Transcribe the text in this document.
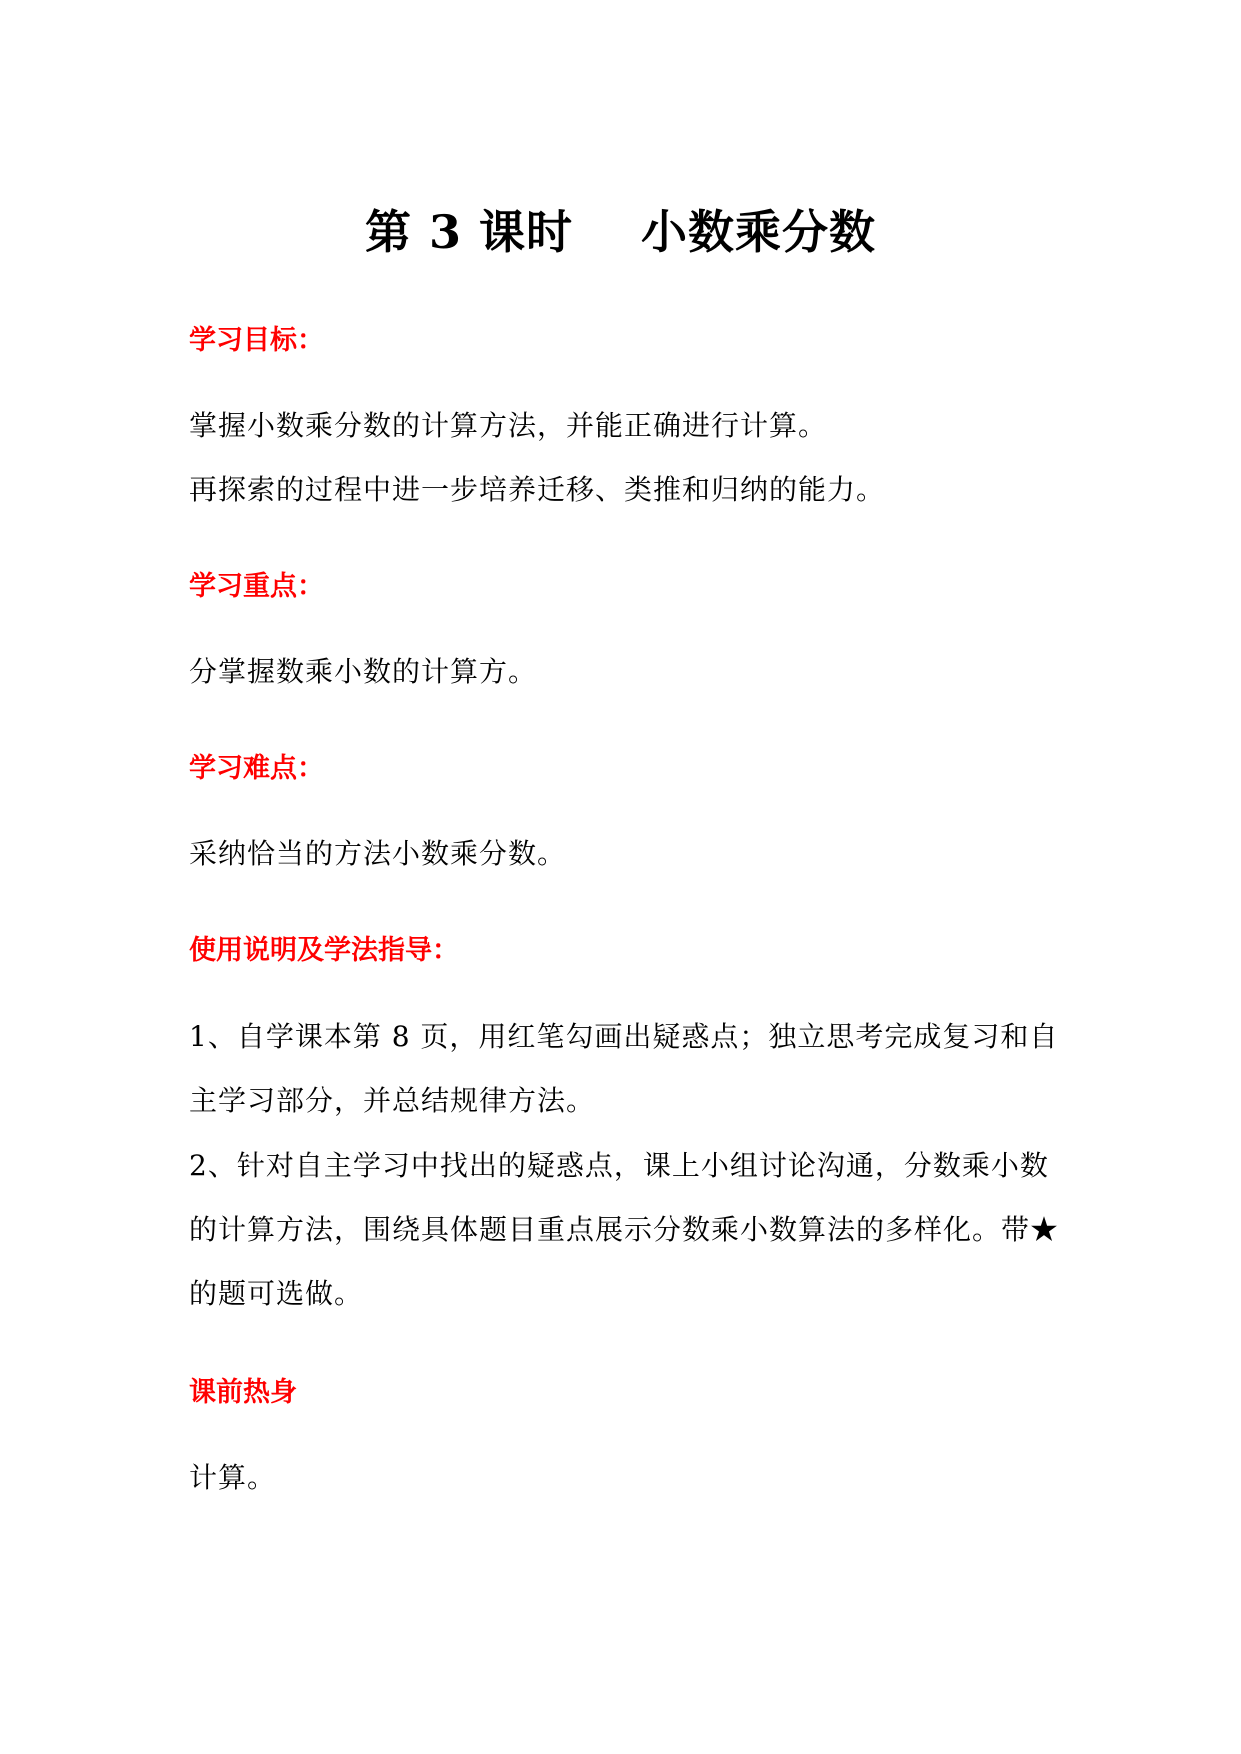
第 3 课时    小数乘分数
学习目标：
掌握小数乘分数的计算方法，并能正确进行计算。
再探索的过程中进一步培养迁移、类推和归纳的能力。
学习重点：
分掌握数乘小数的计算方。
学习难点：
采纳恰当的方法小数乘分数。
使用说明及学法指导：
1、自学课本第 8 页，用红笔勾画出疑惑点；独立思考完成复习和自
主学习部分，并总结规律方法。
2、针对自主学习中找出的疑惑点，课上小组讨论沟通，分数乘小数
的计算方法，围绕具体题目重点展示分数乘小数算法的多样化。带★
的题可选做。
课前热身
计算。
